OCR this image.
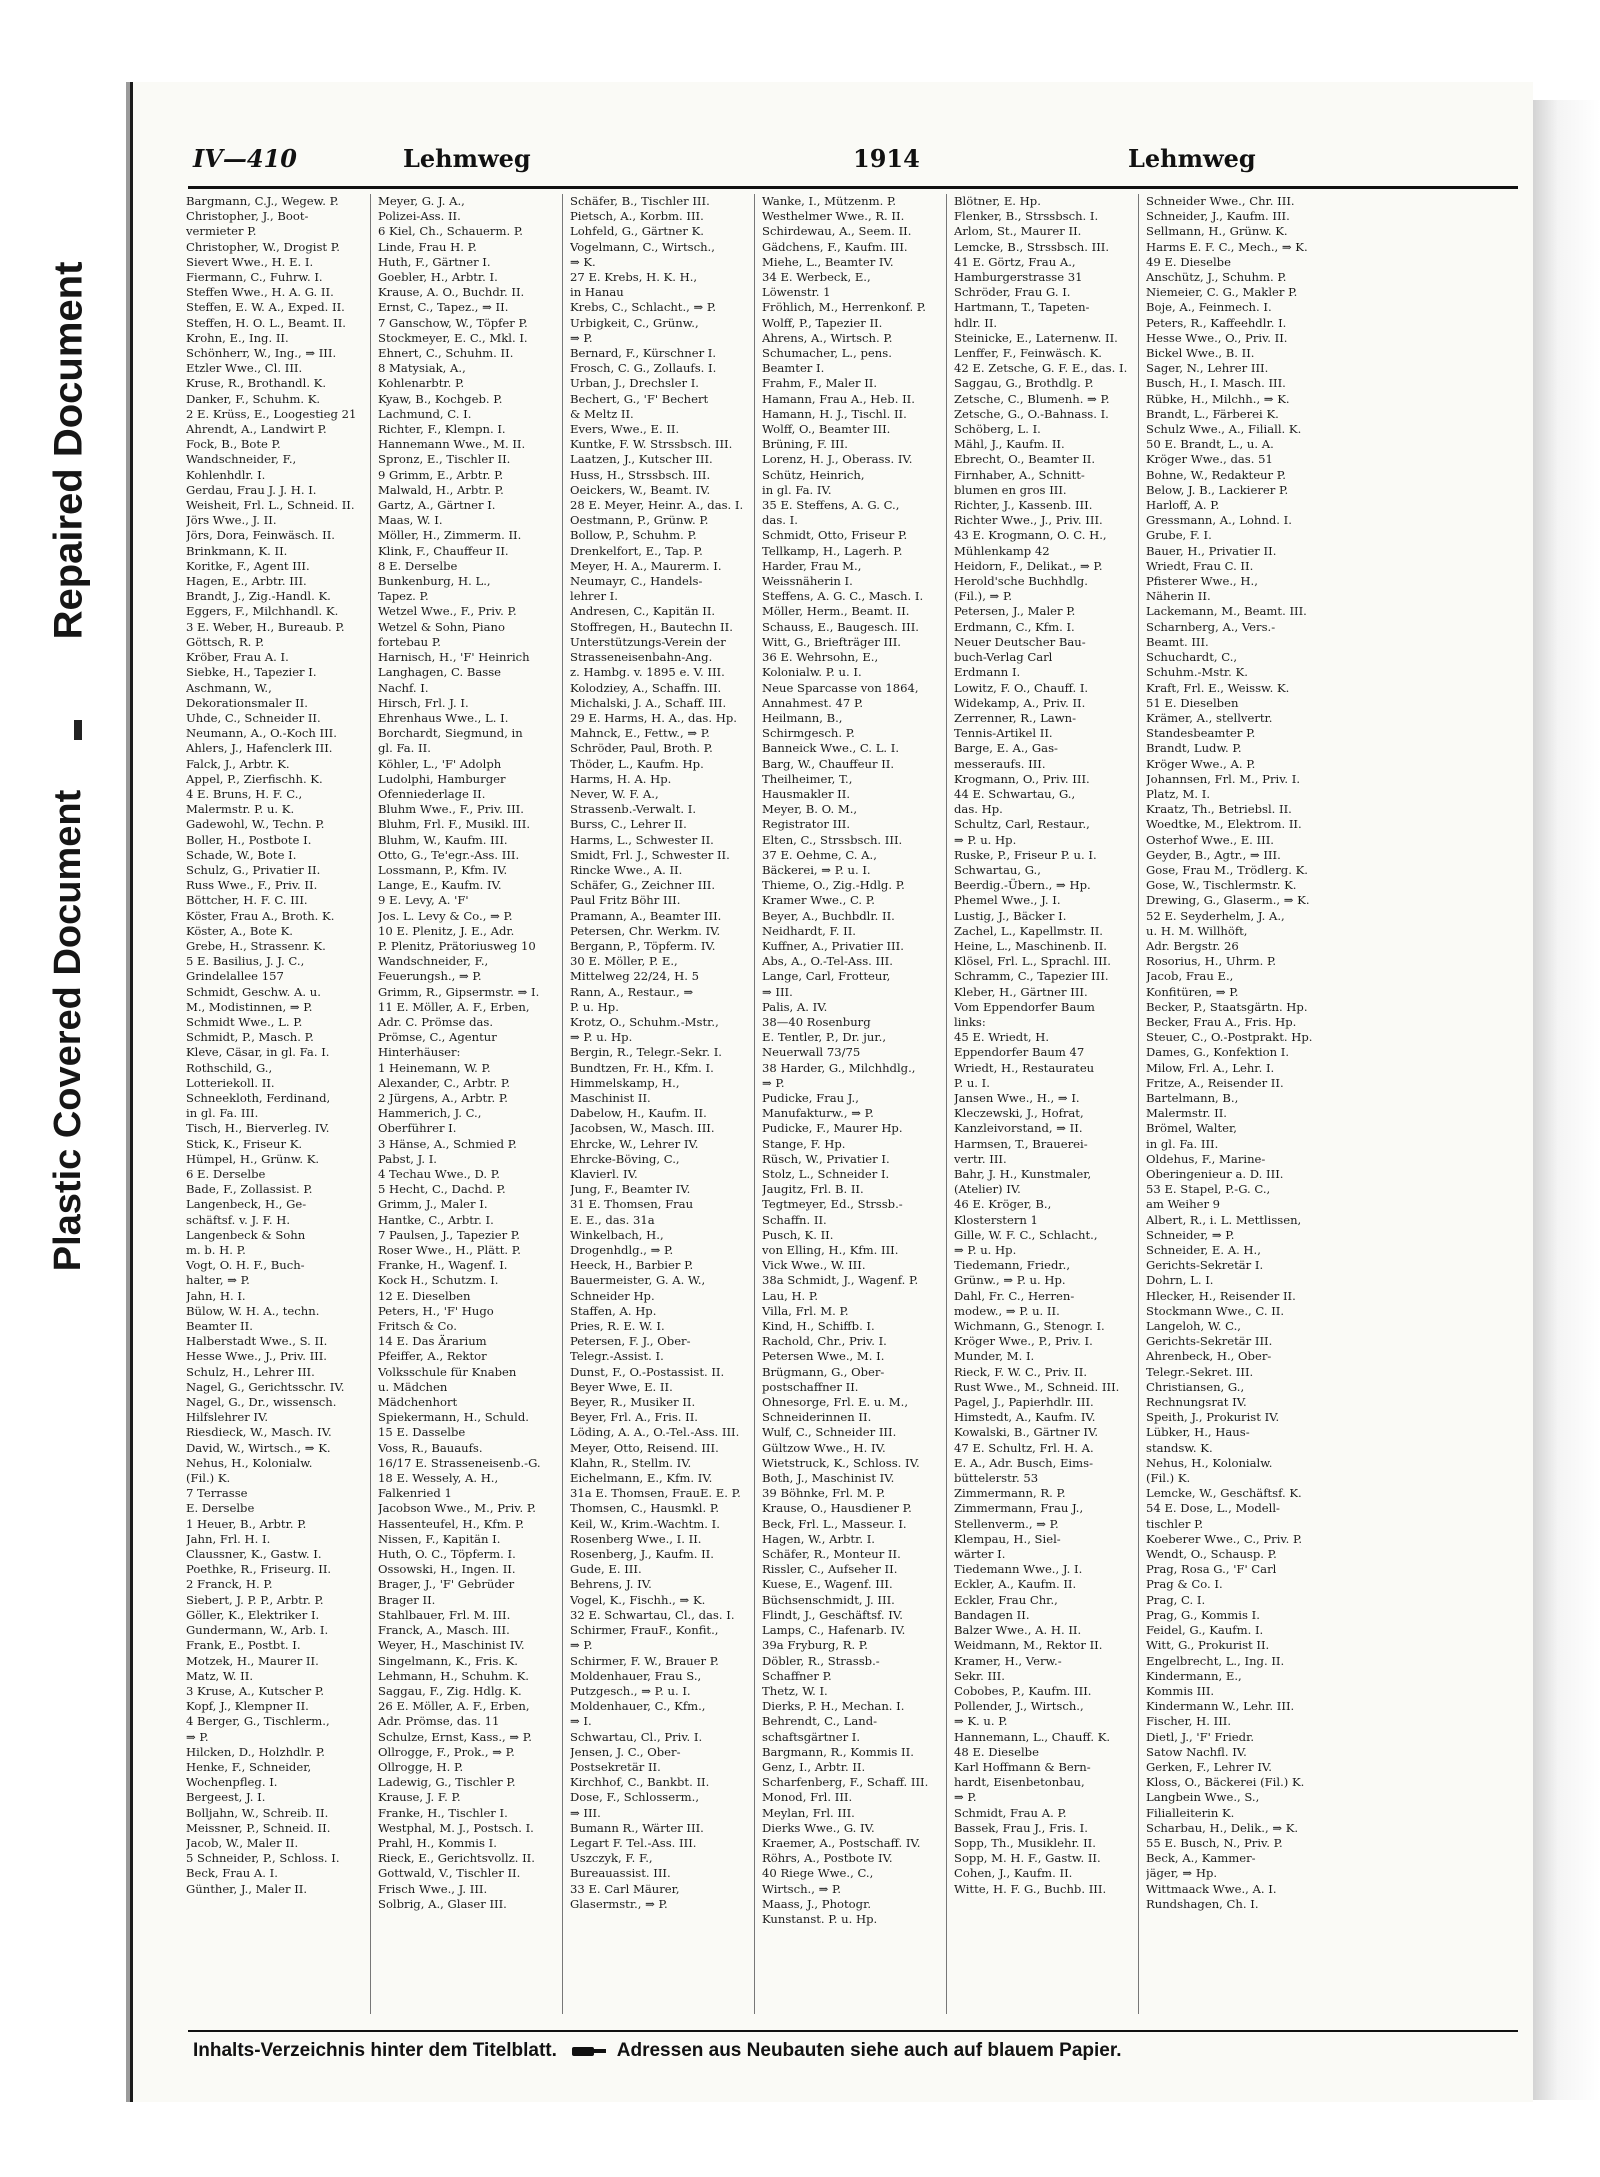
Repaired Document
Plastic Covered Document
IV—410	Lehmweg	1914	Lehmweg
Bargmann, C.J., Wegew. P.
Christopher, J., Boot-
vermieter P.
Christopher, W., Drogist P.
Sievert Wwe., H. E. I.
Fiermann, C., Fuhrw. I.
Steffen Wwe., H. A. G. II.
Steffen, E. W. A., Exped. II.
Steffen, H. O. L., Beamt. II.
Krohn, E., Ing. II.
Schönherr, W., Ing., ⇒ III.
Etzler Wwe., Cl. III.
Kruse, R., Brothandl. K.
Danker, F., Schuhm. K.
2 E. Krüss, E., Loogestieg 21
Ahrendt, A., Landwirt P.
Fock, B., Bote P.
Wandschneider, F.,
Kohlenhdlr. I.
Gerdau, Frau J. J. H. I.
Weisheit, Frl. L., Schneid. II.
Jörs Wwe., J. II.
Jörs, Dora, Feinwäsch. II.
Brinkmann, K. II.
Koritke, F., Agent III.
Hagen, E., Arbtr. III.
Brandt, J., Zig.-Handl. K.
Eggers, F., Milchhandl. K.
3 E. Weber, H., Bureaub. P.
Göttsch, R. P.
Kröber, Frau A. I.
Siebke, H., Tapezier I.
Aschmann, W.,
Dekorationsmaler II.
Uhde, C., Schneider II.
Neumann, A., O.-Koch III.
Ahlers, J., Hafenclerk III.
Falck, J., Arbtr. K.
Appel, P., Zierfischh. K.
4 E. Bruns, H. F. C.,
Malermstr. P. u. K.
Gadewohl, W., Techn. P.
Boller, H., Postbote I.
Schade, W., Bote I.
Schulz, G., Privatier II.
Russ Wwe., F., Priv. II.
Böttcher, H. F. C. III.
Köster, Frau A., Broth. K.
Köster, A., Bote K.
Grebe, H., Strassenr. K.
5 E. Basilius, J. J. C.,
Grindelallee 157
Schmidt, Geschw. A. u.
M., Modistinnen, ⇒ P.
Schmidt Wwe., L. P.
Schmidt, P., Masch. P.
Kleve, Cäsar, in gl. Fa. I.
Rothschild, G.,
Lotteriekoll. II.
Schneekloth, Ferdinand,
in gl. Fa. III.
Tisch, H., Bierverleg. IV.
Stick, K., Friseur K.
Hümpel, H., Grünw. K.
6 E. Derselbe
Bade, F., Zollassist. P.
Langenbeck, H., Ge-
schäftsf. v. J. F. H.
Langenbeck & Sohn
m. b. H. P.
Vogt, O. H. F., Buch-
halter, ⇒ P.
Jahn, H. I.
Bülow, W. H. A., techn.
Beamter II.
Halberstadt Wwe., S. II.
Hesse Wwe., J., Priv. III.
Schulz, H., Lehrer III.
Nagel, G., Gerichtsschr. IV.
Nagel, G., Dr., wissensch.
Hilfslehrer IV.
Riesdieck, W., Masch. IV.
David, W., Wirtsch., ⇒ K.
Nehus, H., Kolonialw.
(Fil.) K.
7 Terrasse
E. Derselbe
1 Heuer, B., Arbtr. P.
Jahn, Frl. H. I.
Claussner, K., Gastw. I.
Poethke, R., Friseurg. II.
2 Franck, H. P.
Siebert, J. P. P., Arbtr. P.
Göller, K., Elektriker I.
Gundermann, W., Arb. I.
Frank, E., Postbt. I.
Motzek, H., Maurer II.
Matz, W. II.
3 Kruse, A., Kutscher P.
Kopf, J., Klempner II.
4 Berger, G., Tischlerm.,
⇒ P.
Hilcken, D., Holzhdlr. P.
Henke, F., Schneider,
Wochenpfleg. I.
Bergeest, J. I.
Bolljahn, W., Schreib. II.
Meissner, P., Schneid. II.
Jacob, W., Maler II.
5 Schneider, P., Schloss. I.
Beck, Frau A. I.
Günther, J., Maler II.
Meyer, G. J. A.,
Polizei-Ass. II.
6 Kiel, Ch., Schauerm. P.
Linde, Frau H. P.
Huth, F., Gärtner I.
Goebler, H., Arbtr. I.
Krause, A. O., Buchdr. II.
Ernst, C., Tapez., ⇒ II.
7 Ganschow, W., Töpfer P.
Stockmeyer, E. C., Mkl. I.
Ehnert, C., Schuhm. II.
8 Matysiak, A.,
Kohlenarbtr. P.
Kyaw, B., Kochgeb. P.
Lachmund, C. I.
Richter, F., Klempn. I.
Hannemann Wwe., M. II.
Spronz, E., Tischler II.
9 Grimm, E., Arbtr. P.
Malwald, H., Arbtr. P.
Gartz, A., Gärtner I.
Maas, W. I.
Möller, H., Zimmerm. II.
Klink, F., Chauffeur II.
8 E. Derselbe
Bunkenburg, H. L.,
Tapez. P.
Wetzel Wwe., F., Priv. P.
Wetzel & Sohn, Piano
fortebau P.
Harnisch, H., 'F' Heinrich
Langhagen, C. Basse
Nachf. I.
Hirsch, Frl. J. I.
Ehrenhaus Wwe., L. I.
Borchardt, Siegmund, in
gl. Fa. II.
Köhler, L., 'F' Adolph
Ludolphi, Hamburger
Ofenniederlage II.
Bluhm Wwe., F., Priv. III.
Bluhm, Frl. F., Musikl. III.
Bluhm, W., Kaufm. III.
Otto, G., Te'egr.-Ass. III.
Lossmann, P., Kfm. IV.
Lange, E., Kaufm. IV.
9 E. Levy, A. 'F'
Jos. L. Levy & Co., ⇒ P.
10 E. Plenitz, J. E., Adr.
P. Plenitz, Prätoriusweg 10
Wandschneider, F.,
Feuerungsh., ⇒ P.
Grimm, R., Gipsermstr. ⇒ I.
11 E. Möller, A. F., Erben,
Adr. C. Prömse das.
Prömse, C., Agentur
Hinterhäuser:
1 Heinemann, W. P.
Alexander, C., Arbtr. P.
2 Jürgens, A., Arbtr. P.
Hammerich, J. C.,
Oberführer I.
3 Hänse, A., Schmied P.
Pabst, J. I.
4 Techau Wwe., D. P.
5 Hecht, C., Dachd. P.
Grimm, J., Maler I.
Hantke, C., Arbtr. I.
7 Paulsen, J., Tapezier P.
Roser Wwe., H., Plätt. P.
Franke, H., Wagenf. I.
Kock H., Schutzm. I.
12 E. Dieselben
Peters, H., 'F' Hugo
Fritsch & Co.
14 E. Das Ärarium
Pfeiffer, A., Rektor
Volksschule für Knaben
u. Mädchen
Mädchenhort
Spiekermann, H., Schuld.
15 E. Dasselbe
Voss, R., Bauaufs.
16/17 E. Strasseneisenb.-G.
18 E. Wessely, A. H.,
Falkenried 1
Jacobson Wwe., M., Priv. P.
Hassenteufel, H., Kfm. P.
Nissen, F., Kapitän I.
Huth, O. C., Töpferm. I.
Ossowski, H., Ingen. II.
Brager, J., 'F' Gebrüder
Brager II.
Stahlbauer, Frl. M. III.
Franck, A., Masch. III.
Weyer, H., Maschinist IV.
Singelmann, K., Fris. K.
Lehmann, H., Schuhm. K.
Saggau, F., Zig. Hdlg. K.
26 E. Möller, A. F., Erben,
Adr. Prömse, das. 11
Schulze, Ernst, Kass., ⇒ P.
Ollrogge, F., Prok., ⇒ P.
Ollrogge, H. P.
Ladewig, G., Tischler P.
Krause, J. F. P.
Franke, H., Tischler I.
Westphal, M. J., Postsch. I.
Prahl, H., Kommis I.
Rieck, E., Gerichtsvollz. II.
Gottwald, V., Tischler II.
Frisch Wwe., J. III.
Solbrig, A., Glaser III.
Schäfer, B., Tischler III.
Pietsch, A., Korbm. III.
Lohfeld, G., Gärtner K.
Vogelmann, C., Wirtsch.,
⇒ K.
27 E. Krebs, H. K. H.,
in Hanau
Krebs, C., Schlacht., ⇒ P.
Urbigkeit, C., Grünw.,
⇒ P.
Bernard, F., Kürschner I.
Frosch, C. G., Zollaufs. I.
Urban, J., Drechsler I.
Bechert, G., 'F' Bechert
& Meltz II.
Evers, Wwe., E. II.
Kuntke, F. W. Strssbsch. III.
Laatzen, J., Kutscher III.
Huss, H., Strssbsch. III.
Oeickers, W., Beamt. IV.
28 E. Meyer, Heinr. A., das. I.
Oestmann, P., Grünw. P.
Bollow, P., Schuhm. P.
Drenkelfort, E., Tap. P.
Meyer, H. A., Maurerm. I.
Neumayr, C., Handels-
lehrer I.
Andresen, C., Kapitän II.
Stoffregen, H., Bautechn II.
Unterstützungs-Verein der
Strasseneisenbahn-Ang.
z. Hambg. v. 1895 e. V. III.
Kolodziey, A., Schaffn. III.
Michalski, J. A., Schaff. III.
29 E. Harms, H. A., das. Hp.
Mahnck, E., Fettw., ⇒ P.
Schröder, Paul, Broth. P.
Thöder, L., Kaufm. Hp.
Harms, H. A. Hp.
Never, W. F. A.,
Strassenb.-Verwalt. I.
Burss, C., Lehrer II.
Harms, L., Schwester II.
Smidt, Frl. J., Schwester II.
Rincke Wwe., A. II.
Schäfer, G., Zeichner III.
Paul Fritz Böhr III.
Pramann, A., Beamter III.
Petersen, Chr. Werkm. IV.
Bergann, P., Töpferm. IV.
30 E. Möller, P. E.,
Mittelweg 22/24, H. 5
Rann, A., Restaur., ⇒
P. u. Hp.
Krotz, O., Schuhm.-Mstr.,
⇒ P. u. Hp.
Bergin, R., Telegr.-Sekr. I.
Bundtzen, Fr. H., Kfm. I.
Himmelskamp, H.,
Maschinist II.
Dabelow, H., Kaufm. II.
Jacobsen, W., Masch. III.
Ehrcke, W., Lehrer IV.
Ehrcke-Böving, C.,
Klavierl. IV.
Jung, F., Beamter IV.
31 E. Thomsen, Frau
E. E., das. 31a
Winkelbach, H.,
Drogenhdlg., ⇒ P.
Heeck, H., Barbier P.
Bauermeister, G. A. W.,
Schneider Hp.
Staffen, A. Hp.
Pries, R. E. W. I.
Petersen, F. J., Ober-
Telegr.-Assist. I.
Dunst, F., O.-Postassist. II.
Beyer Wwe, E. II.
Beyer, R., Musiker II.
Beyer, Frl. A., Fris. II.
Löding, A. A., O.-Tel.-Ass. III.
Meyer, Otto, Reisend. III.
Klahn, R., Stellm. IV.
Eichelmann, E., Kfm. IV.
31a E. Thomsen, FrauE. E. P.
Thomsen, C., Hausmkl. P.
Keil, W., Krim.-Wachtm. I.
Rosenberg Wwe., I. II.
Rosenberg, J., Kaufm. II.
Gude, E. III.
Behrens, J. IV.
Vogel, K., Fischh., ⇒ K.
32 E. Schwartau, Cl., das. I.
Schirmer, FrauF., Konfit.,
⇒ P.
Schirmer, F. W., Brauer P.
Moldenhauer, Frau S.,
Putzgesch., ⇒ P. u. I.
Moldenhauer, C., Kfm.,
⇒ I.
Schwartau, Cl., Priv. I.
Jensen, J. C., Ober-
Postsekretär II.
Kirchhof, C., Bankbt. II.
Dose, F., Schlosserm.,
⇒ III.
Bumann R., Wärter III.
Legart F. Tel.-Ass. III.
Uszczyk, F. F.,
Bureauassist. III.
33 E. Carl Mäurer,
Glasermstr., ⇒ P.
Wanke, I., Mützenm. P.
Westhelmer Wwe., R. II.
Schirdewau, A., Seem. II.
Gädchens, F., Kaufm. III.
Miehe, L., Beamter IV.
34 E. Werbeck, E.,
Löwenstr. 1
Fröhlich, M., Herrenkonf. P.
Wolff, P., Tapezier II.
Ahrens, A., Wirtsch. P.
Schumacher, L., pens.
Beamter I.
Frahm, F., Maler II.
Hamann, Frau A., Heb. II.
Hamann, H. J., Tischl. II.
Wolff, O., Beamter III.
Brüning, F. III.
Lorenz, H. J., Oberass. IV.
Schütz, Heinrich,
in gl. Fa. IV.
35 E. Steffens, A. G. C.,
das. I.
Schmidt, Otto, Friseur P.
Tellkamp, H., Lagerh. P.
Harder, Frau M.,
Weissnäherin I.
Steffens, A. G. C., Masch. I.
Möller, Herm., Beamt. II.
Schauss, E., Baugesch. III.
Witt, G., Briefträger III.
36 E. Wehrsohn, E.,
Kolonialw. P. u. I.
Neue Sparcasse von 1864,
Annahmest. 47 P.
Heilmann, B.,
Schirmgesch. P.
Banneick Wwe., C. L. I.
Barg, W., Chauffeur II.
Theilheimer, T.,
Hausmakler II.
Meyer, B. O. M.,
Registrator III.
Elten, C., Strssbsch. III.
37 E. Oehme, C. A.,
Bäckerei, ⇒ P. u. I.
Thieme, O., Zig.-Hdlg. P.
Kramer Wwe., C. P.
Beyer, A., Buchbdlr. II.
Neidhardt, F. II.
Kuffner, A., Privatier III.
Abs, A., O.-Tel-Ass. III.
Lange, Carl, Frotteur,
⇒ III.
Palis, A. IV.
38—40 Rosenburg
E. Tentler, P., Dr. jur.,
Neuerwall 73/75
38 Harder, G., Milchhdlg.,
⇒ P.
Pudicke, Frau J.,
Manufakturw., ⇒ P.
Pudicke, F., Maurer Hp.
Stange, F. Hp.
Rüsch, W., Privatier I.
Stolz, L., Schneider I.
Jaugitz, Frl. B. II.
Tegtmeyer, Ed., Strssb.-
Schaffn. II.
Pusch, K. II.
von Elling, H., Kfm. III.
Vick Wwe., W. III.
38a Schmidt, J., Wagenf. P.
Lau, H. P.
Villa, Frl. M. P.
Kind, H., Schiffb. I.
Rachold, Chr., Priv. I.
Petersen Wwe., M. I.
Brügmann, G., Ober-
postschaffner II.
Ohnesorge, Frl. E. u. M.,
Schneiderinnen II.
Wulf, C., Schneider III.
Gültzow Wwe., H. IV.
Wietstruck, K., Schloss. IV.
Both, J., Maschinist IV.
39 Böhnke, Frl. M. P.
Krause, O., Hausdiener P.
Beck, Frl. L., Masseur. I.
Hagen, W., Arbtr. I.
Schäfer, R., Monteur II.
Rissler, C., Aufseher II.
Kuese, E., Wagenf. III.
Büchsenschmidt, J. III.
Flindt, J., Geschäftsf. IV.
Lamps, C., Hafenarb. IV.
39a Fryburg, R. P.
Döbler, R., Strassb.-
Schaffner P.
Thetz, W. I.
Dierks, P. H., Mechan. I.
Behrendt, C., Land-
schaftsgärtner I.
Bargmann, R., Kommis II.
Genz, I., Arbtr. II.
Scharfenberg, F., Schaff. III.
Monod, Frl. III.
Meylan, Frl. III.
Dierks Wwe., G. IV.
Kraemer, A., Postschaff. IV.
Röhrs, A., Postbote IV.
40 Riege Wwe., C.,
Wirtsch., ⇒ P.
Maass, J., Photogr.
Kunstanst. P. u. Hp.
Blötner, E. Hp.
Flenker, B., Strssbsch. I.
Arlom, St., Maurer II.
Lemcke, B., Strssbsch. III.
41 E. Görtz, Frau A.,
Hamburgerstrasse 31
Schröder, Frau G. I.
Hartmann, T., Tapeten-
hdlr. II.
Steinicke, E., Laternenw. II.
Lenffer, F., Feinwäsch. K.
42 E. Zetsche, G. F. E., das. I.
Saggau, G., Brothdlg. P.
Zetsche, C., Blumenh. ⇒ P.
Zetsche, G., O.-Bahnass. I.
Schöberg, L. I.
Mähl, J., Kaufm. II.
Ebrecht, O., Beamter II.
Firnhaber, A., Schnitt-
blumen en gros III.
Richter, J., Kassenb. III.
Richter Wwe., J., Priv. III.
43 E. Krogmann, O. C. H.,
Mühlenkamp 42
Heidorn, F., Delikat., ⇒ P.
Herold'sche Buchhdlg.
(Fil.), ⇒ P.
Petersen, J., Maler P.
Erdmann, C., Kfm. I.
Neuer Deutscher Bau-
buch-Verlag Carl
Erdmann I.
Lowitz, F. O., Chauff. I.
Widekamp, A., Priv. II.
Zerrenner, R., Lawn-
Tennis-Artikel II.
Barge, E. A., Gas-
messeraufs. III.
Krogmann, O., Priv. III.
44 E. Schwartau, G.,
das. Hp.
Schultz, Carl, Restaur.,
⇒ P. u. Hp.
Ruske, P., Friseur P. u. I.
Schwartau, G.,
Beerdig.-Übern., ⇒ Hp.
Phemel Wwe., J. I.
Lustig, J., Bäcker I.
Zachel, L., Kapellmstr. II.
Heine, L., Maschinenb. II.
Klösel, Frl. L., Sprachl. III.
Schramm, C., Tapezier III.
Kleber, H., Gärtner III.
Vom Eppendorfer Baum
links:
45 E. Wriedt, H.
Eppendorfer Baum 47
Wriedt, H., Restaurateu
P. u. I.
Jansen Wwe., H., ⇒ I.
Kleczewski, J., Hofrat,
Kanzleivorstand, ⇒ II.
Harmsen, T., Brauerei-
vertr. III.
Bahr, J. H., Kunstmaler,
(Atelier) IV.
46 E. Kröger, B.,
Klosterstern 1
Gille, W. F. C., Schlacht.,
⇒ P. u. Hp.
Tiedemann, Friedr.,
Grünw., ⇒ P. u. Hp.
Dahl, Fr. C., Herren-
modew., ⇒ P. u. II.
Wichmann, G., Stenogr. I.
Kröger Wwe., P., Priv. I.
Munder, M. I.
Rieck, F. W. C., Priv. II.
Rust Wwe., M., Schneid. III.
Pagel, J., Papierhdlr. III.
Himstedt, A., Kaufm. IV.
Kowalski, B., Gärtner IV.
47 E. Schultz, Frl. H. A.
E. A., Adr. Busch, Eims-
büttelerstr. 53
Zimmermann, R. P.
Zimmermann, Frau J.,
Stellenverm., ⇒ P.
Klempau, H., Siel-
wärter I.
Tiedemann Wwe., J. I.
Eckler, A., Kaufm. II.
Eckler, Frau Chr.,
Bandagen II.
Balzer Wwe., A. H. II.
Weidmann, M., Rektor II.
Kramer, H., Verw.-
Sekr. III.
Cobobes, P., Kaufm. III.
Pollender, J., Wirtsch.,
⇒ K. u. P.
Hannemann, L., Chauff. K.
48 E. Dieselbe
Karl Hoffmann & Bern-
hardt, Eisenbetonbau,
⇒ P.
Schmidt, Frau A. P.
Bassek, Frau J., Fris. I.
Sopp, Th., Musiklehr. II.
Sopp, M. H. F., Gastw. II.
Cohen, J., Kaufm. II.
Witte, H. F. G., Buchb. III.
Schneider Wwe., Chr. III.
Schneider, J., Kaufm. III.
Sellmann, H., Grünw. K.
Harms E. F. C., Mech., ⇒ K.
49 E. Dieselbe
Anschütz, J., Schuhm. P.
Niemeier, C. G., Makler P.
Boje, A., Feinmech. I.
Peters, R., Kaffeehdlr. I.
Hesse Wwe., O., Priv. II.
Bickel Wwe., B. II.
Sager, N., Lehrer III.
Busch, H., I. Masch. III.
Rübke, H., Milchh., ⇒ K.
Brandt, L., Färberei K.
Schulz Wwe., A., Filiall. K.
50 E. Brandt, L., u. A.
Kröger Wwe., das. 51
Bohne, W., Redakteur P.
Below, J. B., Lackierer P.
Harloff, A. P.
Gressmann, A., Lohnd. I.
Grube, F. I.
Bauer, H., Privatier II.
Wriedt, Frau C. II.
Pfisterer Wwe., H.,
Näherin II.
Lackemann, M., Beamt. III.
Scharnberg, A., Vers.-
Beamt. III.
Schuchardt, C.,
Schuhm.-Mstr. K.
Kraft, Frl. E., Weissw. K.
51 E. Dieselben
Krämer, A., stellvertr.
Standesbeamter P.
Brandt, Ludw. P.
Kröger Wwe., A. P.
Johannsen, Frl. M., Priv. I.
Platz, M. I.
Kraatz, Th., Betriebsl. II.
Woedtke, M., Elektrom. II.
Osterhof Wwe., E. III.
Geyder, B., Agtr., ⇒ III.
Gose, Frau M., Trödlerg. K.
Gose, W., Tischlermstr. K.
Drewing, G., Glaserm., ⇒ K.
52 E. Seyderhelm, J. A.,
u. H. M. Willhöft,
Adr. Bergstr. 26
Rosorius, H., Uhrm. P.
Jacob, Frau E.,
Konfitüren, ⇒ P.
Becker, P., Staatsgärtn. Hp.
Becker, Frau A., Fris. Hp.
Steuer, C., O.-Postprakt. Hp.
Dames, G., Konfektion I.
Milow, Frl. A., Lehr. I.
Fritze, A., Reisender II.
Bartelmann, B.,
Malermstr. II.
Brömel, Walter,
in gl. Fa. III.
Oldehus, F., Marine-
Oberingenieur a. D. III.
53 E. Stapel, P.-G. C.,
am Weiher 9
Albert, R., i. L. Mettlissen,
Schneider, ⇒ P.
Schneider, E. A. H.,
Gerichts-Sekretär I.
Dohrn, L. I.
Hlecker, H., Reisender II.
Stockmann Wwe., C. II.
Langeloh, W. C.,
Gerichts-Sekretär III.
Ahrenbeck, H., Ober-
Telegr.-Sekret. III.
Christiansen, G.,
Rechnungsrat IV.
Speith, J., Prokurist IV.
Lübker, H., Haus-
standsw. K.
Nehus, H., Kolonialw.
(Fil.) K.
Lemcke, W., Geschäftsf. K.
54 E. Dose, L., Modell-
tischler P.
Koeberer Wwe., C., Priv. P.
Wendt, O., Schausp. P.
Prag, Rosa G., 'F' Carl
Prag & Co. I.
Prag, C. I.
Prag, G., Kommis I.
Feidel, G., Kaufm. I.
Witt, G., Prokurist II.
Engelbrecht, L., Ing. II.
Kindermann, E.,
Kommis III.
Kindermann W., Lehr. III.
Fischer, H. III.
Dietl, J., 'F' Friedr.
Satow Nachfl. IV.
Gerken, F., Lehrer IV.
Kloss, O., Bäckerei (Fil.) K.
Langbein Wwe., S.,
Filialleiterin K.
Scharbau, H., Delik., ⇒ K.
55 E. Busch, N., Priv. P.
Beck, A., Kammer-
jäger, ⇒ Hp.
Wittmaack Wwe., A. I.
Rundshagen, Ch. I.
Inhalts-Verzeichnis hinter dem Titelblatt.	Adressen aus Neubauten siehe auch auf blauem Papier.
